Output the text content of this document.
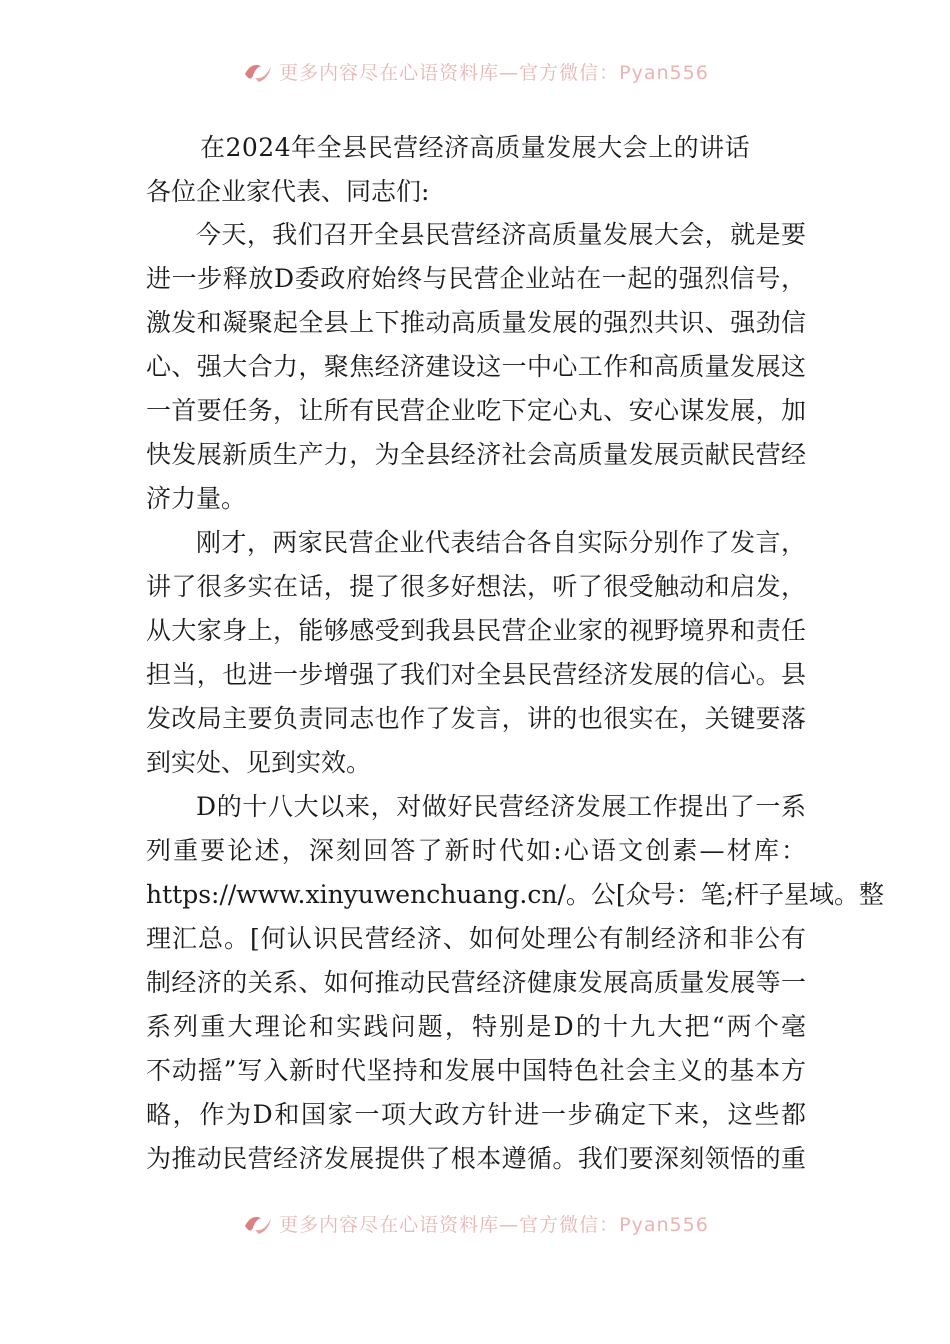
更多内容尽在心语资料库—官方微信：Pyan556
在2024年全县民营经济高质量发展大会上的讲话
各位企业家代表、同志们:
今天，我们召开全县民营经济高质量发展大会，就是要
进一步释放D委政府始终与民营企业站在一起的强烈信号，
激发和凝聚起全县上下推动高质量发展的强烈共识、强劲信
心、强大合力，聚焦经济建设这一中心工作和高质量发展这
一首要任务，让所有民营企业吃下定心丸、安心谋发展，加
快发展新质生产力，为全县经济社会高质量发展贡献民营经
济力量。
刚才，两家民营企业代表结合各自实际分别作了发言，
讲了很多实在话，提了很多好想法，听了很受触动和启发，
从大家身上，能够感受到我县民营企业家的视野境界和责任
担当，也进一步增强了我们对全县民营经济发展的信心。县
发改局主要负责同志也作了发言，讲的也很实在，关键要落
到实处、见到实效。
D的十八大以来，对做好民营经济发展工作提出了一系
列重要论述，深刻回答了新时代如:心语文创素—材库：
https://www.xinyuwenchuang.cn/。公[众号：笔;杆子星域。整
理汇总。[何认识民营经济、如何处理公有制经济和非公有
制经济的关系、如何推动民营经济健康发展高质量发展等一
系列重大理论和实践问题，特别是D的十九大把“两个毫
不动摇”写入新时代坚持和发展中国特色社会主义的基本方
略，作为D和国家一项大政方针进一步确定下来，这些都
为推动民营经济发展提供了根本遵循。我们要深刻领悟的重
更多内容尽在心语资料库—官方微信：Pyan556
